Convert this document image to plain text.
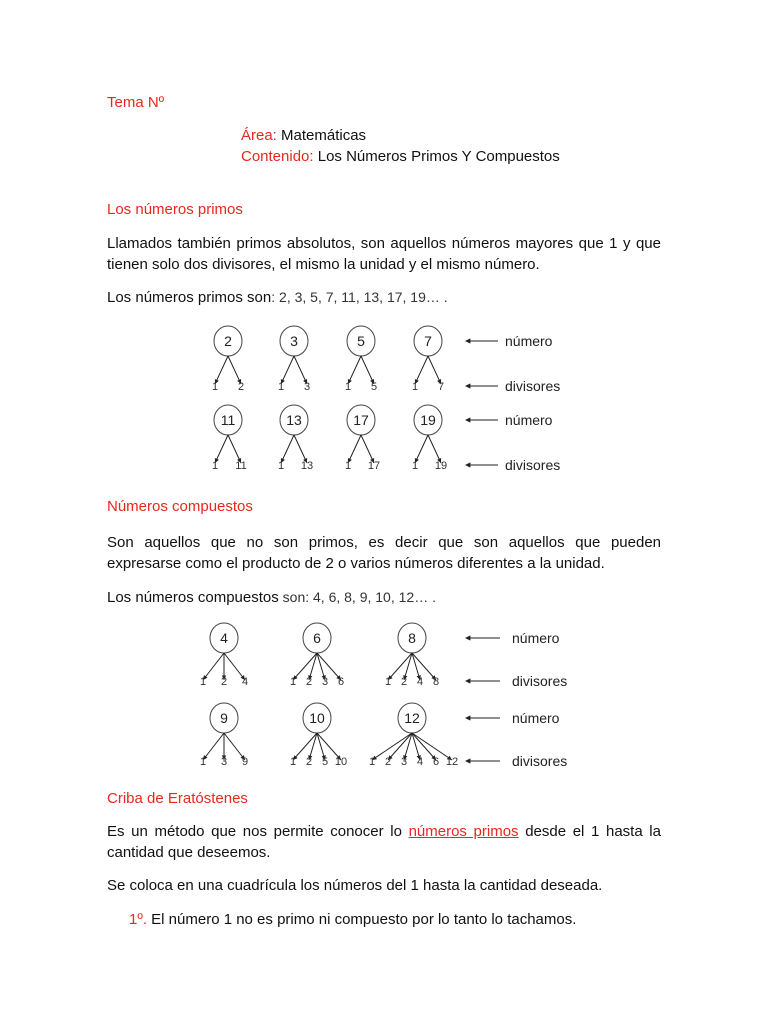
Tema Nº
Área: Matemáticas
Contenido: Los Números Primos Y Compuestos
Los números primos
Llamados también primos absolutos, son aquellos números mayores que 1 y que tienen solo dos divisores, el mismo la unidad y el mismo número.
Los números primos son: 2, 3, 5, 7, 11, 13, 17, 19… .
2
1 2
3
1 3
5
1 5
7
1 7
número
divisores
11
1 11
13
1 13
17
1 17
19
1 19
número
divisores
Números compuestos
Son aquellos que no son primos, es decir que son aquellos que pueden expresarse como el producto de 2 o varios números diferentes a la unidad.
Los números compuestos son: 4, 6, 8, 9, 10, 12… .
4
1 2 4
6
1 2 3 6
8
1 2 4 8
número
divisores
9
1 3 9
10
1 2 5 10
12
1 2 3 4 6 12
número
divisores
Criba de Eratóstenes
Es un método que nos permite conocer lo números primos desde el 1 hasta la cantidad que deseemos.
Se coloca en una cuadrícula los números del 1 hasta la cantidad deseada.
1º. El número 1 no es primo ni compuesto por lo tanto lo tachamos.
